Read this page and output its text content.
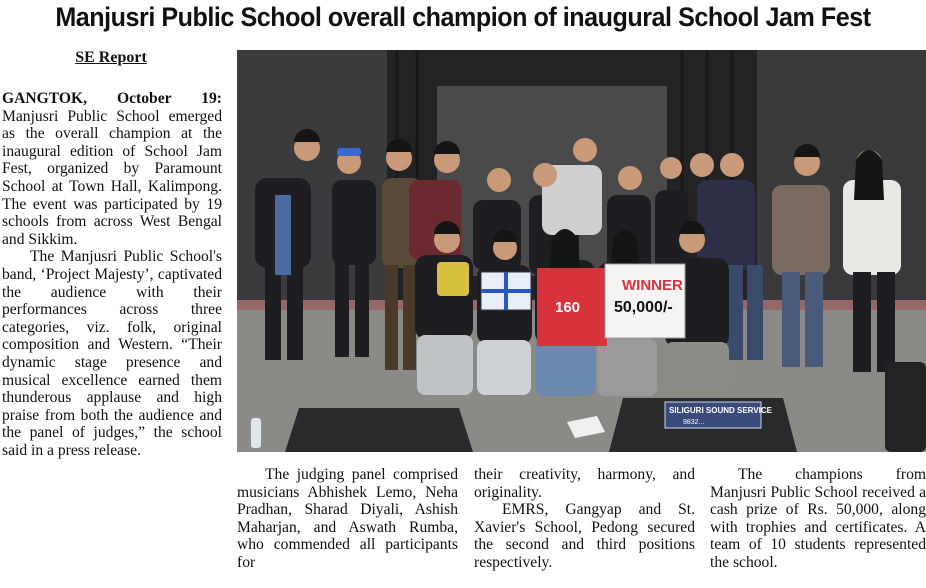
Manjusri Public School overall champion of inaugural School Jam Fest
SE Report

GANGTOK, October 19: Manjusri Public School emerged as the overall champion at the inaugural edition of School Jam Fest, organized by Paramount School at Town Hall, Kalimpong. The event was participated by 19 schools from across West Bengal and Sikkim.

The Manjusri Public School's band, ‘Project Majesty’, captivated the audience with their performances across three categories, viz. folk, original composition and Western. “Their dynamic stage presence and musical excellence earned them thunderous applause and high praise from both the audience and the panel of judges,” the school said in a press release.

160
WINNER
50,000/-
SILIGURI SOUND SERVICE
9832...

The judging panel comprised musicians Abhishek Lemo, Neha Pradhan, Sharad Diyali, Ashish Maharjan, and Aswath Rumba, who commended all participants for

their creativity, harmony, and originality.

EMRS, Gangyap and St. Xavier's School, Pedong secured the second and third positions respectively.

The champions from Manjusri Public School received a cash prize of Rs. 50,000, along with trophies and certificates. A team of 10 students represented the school.
